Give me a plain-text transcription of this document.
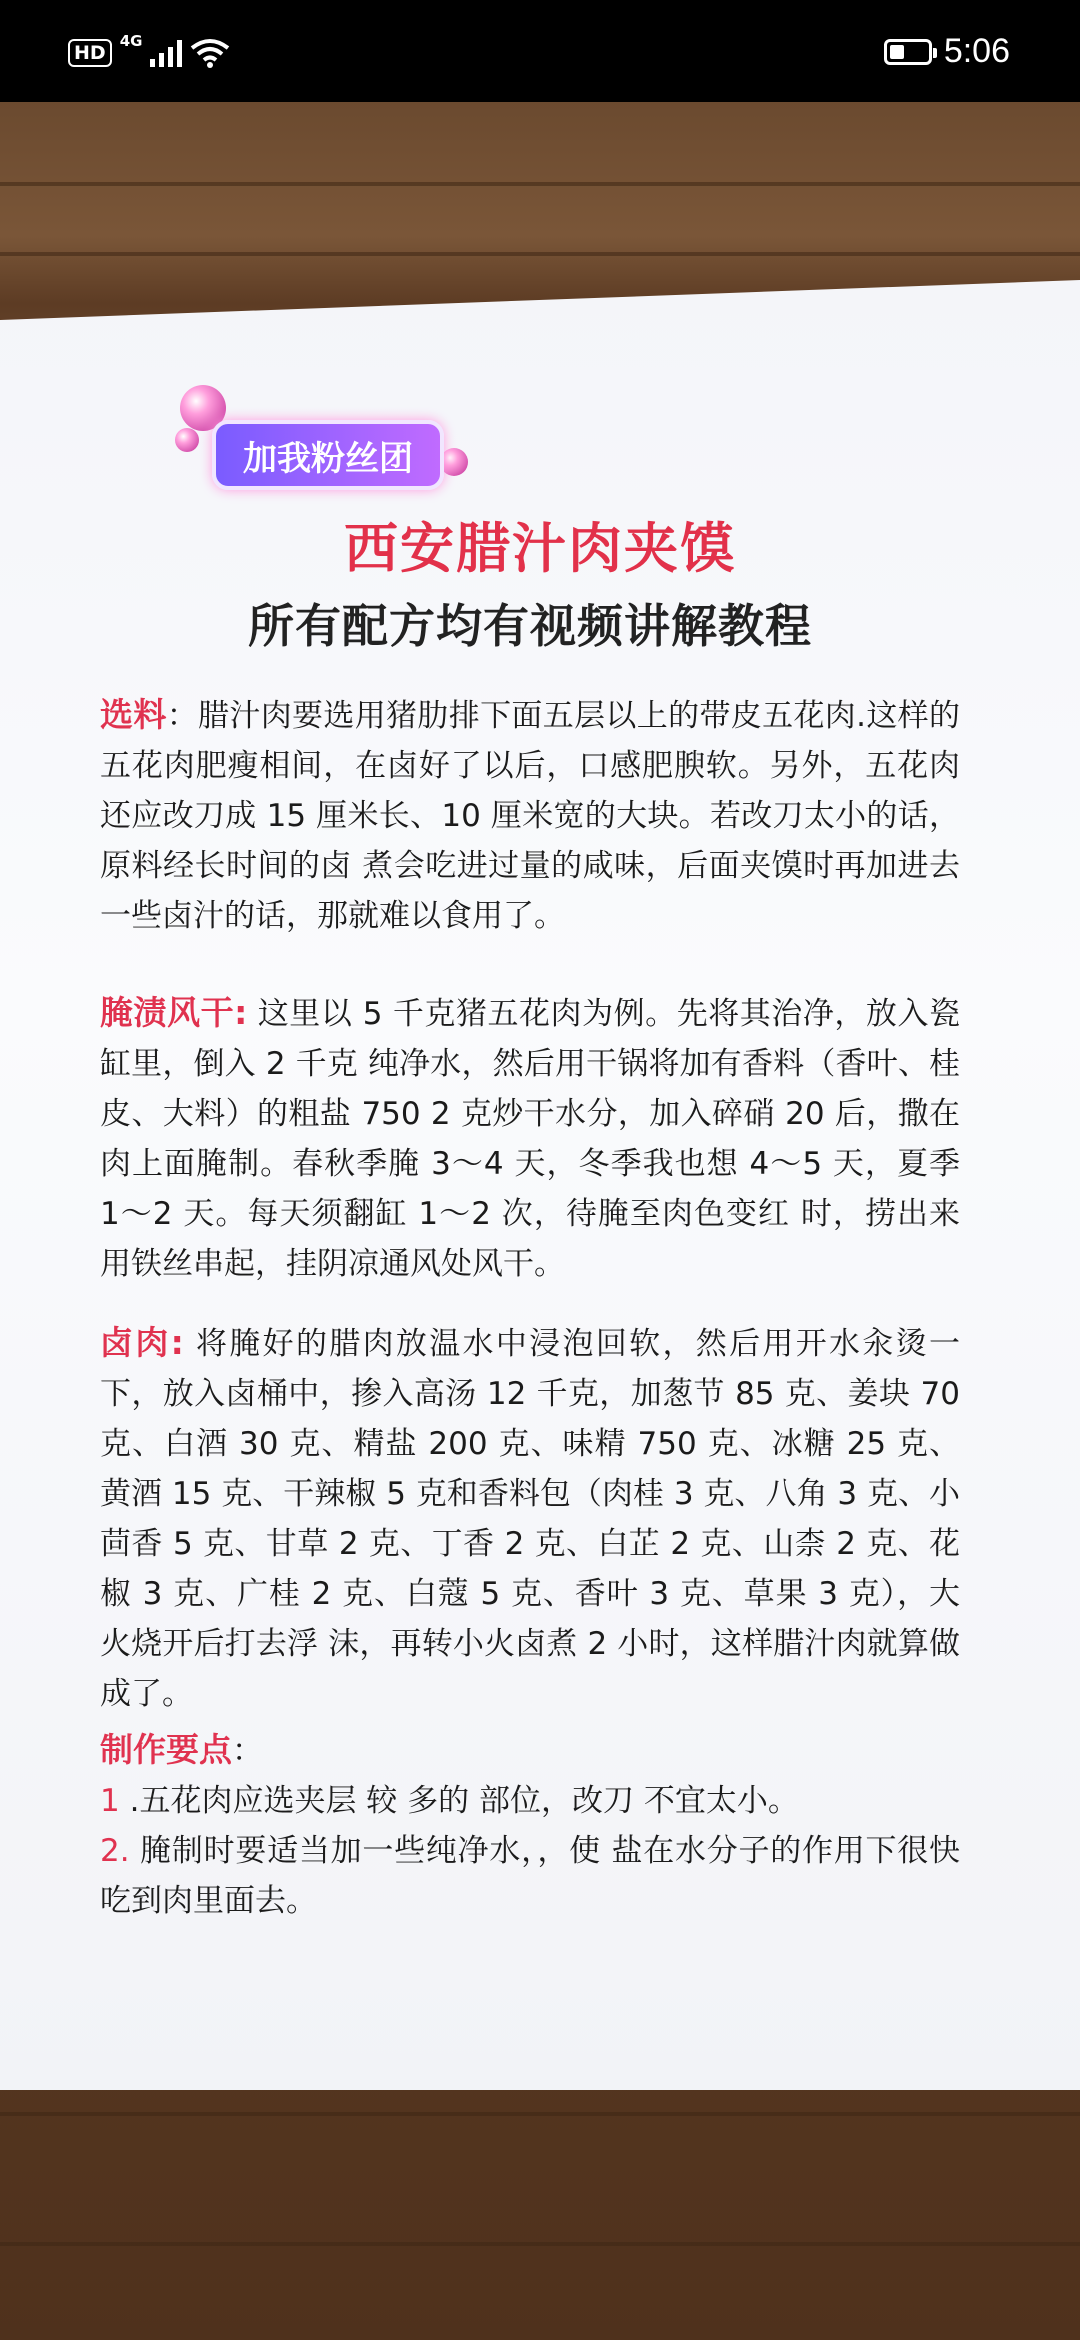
HD
4G	5:06
加我粉丝团
西安腊汁肉夹馍
所有配方均有视频讲解教程
选料：腊汁肉要选用猪肋排下面五层以上的带皮五花肉.这样的五花肉肥瘦相间，在卤好了以后，口感肥腴软。另外，五花肉还应改刀成 15 厘米长、10 厘米宽的大块。若改刀太小的话，原料经长时间的卤 煮会吃进过量的咸味，后面夹馍时再加进去一些卤汁的话，那就难以食用了。
腌渍风干: 这里以 5 千克猪五花肉为例。先将其治净，放入瓷缸里，倒入 2 千克 纯净水，然后用干锅将加有香料（香叶、桂皮、大料）的粗盐 750 2 克炒干水分，加入碎硝 20 后，撒在肉上面腌制。春秋季腌 3～4 天，冬季我也想 4～5 天，夏季 1～2 天。每天须翻缸 1～2 次，待腌至肉色变红 时，捞出来用铁丝串起，挂阴凉通风处风干。
卤肉: 将腌好的腊肉放温水中浸泡回软，然后用开水汆烫一下，放入卤桶中，掺入高汤 12 千克，加葱节 85 克、姜块 70 克、白酒 30 克、精盐 200 克、味精 750 克、冰糖 25 克、黄酒 15 克、干辣椒 5 克和香料包（肉桂 3 克、八角 3 克、小茴香 5 克、甘草 2 克、丁香 2 克、白芷 2 克、山柰 2 克、花椒 3 克、广桂 2 克、白蔻 5 克、香叶 3 克、草果 3 克），大火烧开后打去浮 沫，再转小火卤煮 2 小时，这样腊汁肉就算做成了。
制作要点：
1 .五花肉应选夹层 较 多的 部位，改刀 不宜太小。
2. 腌制时要适当加一些纯净水，，使 盐在水分子的作用下很快吃到肉里面去。
